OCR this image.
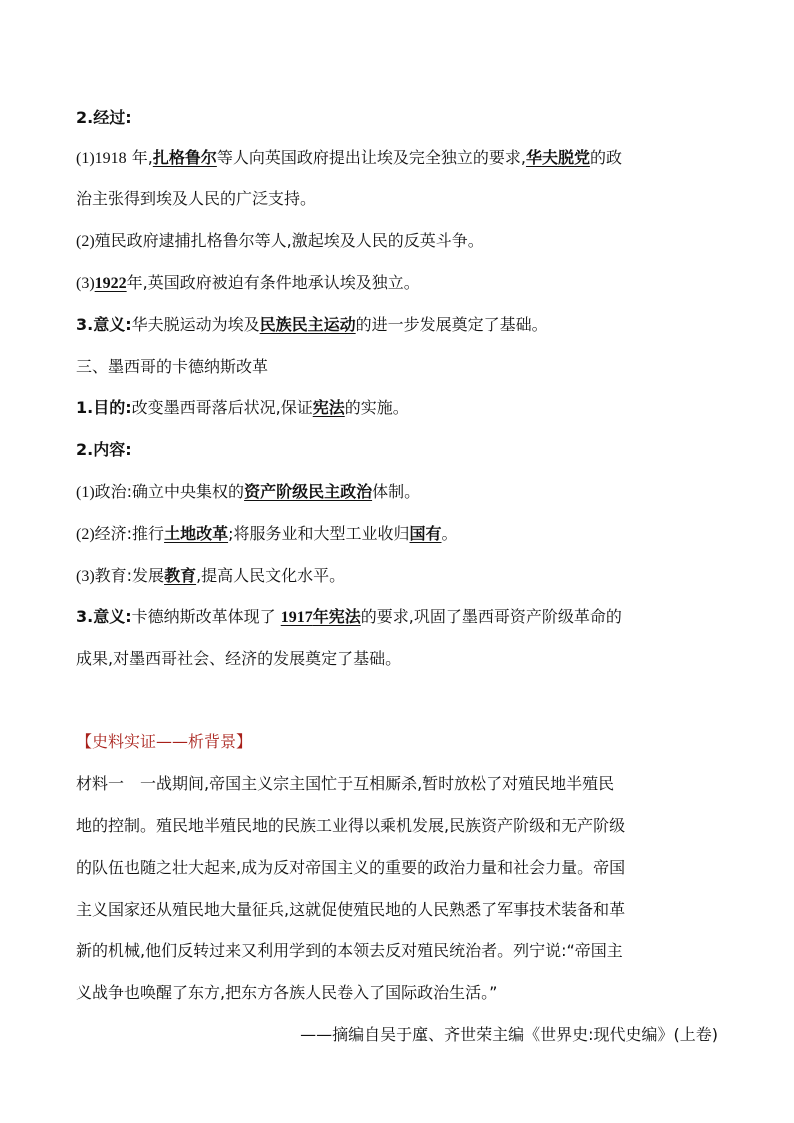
2.经过:
(1)1918 年,扎格鲁尔等人向英国政府提出让埃及完全独立的要求,华夫脱党的政
治主张得到埃及人民的广泛支持。
(2)殖民政府逮捕扎格鲁尔等人,激起埃及人民的反英斗争。
(3)1922年,英国政府被迫有条件地承认埃及独立。
3.意义:华夫脱运动为埃及民族民主运动的进一步发展奠定了基础。
三、墨西哥的卡德纳斯改革
1.目的:改变墨西哥落后状况,保证宪法的实施。
2.内容:
(1)政治:确立中央集权的资产阶级民主政治体制。
(2)经济:推行土地改革;将服务业和大型工业收归国有。
(3)教育:发展教育,提高人民文化水平。
3.意义:卡德纳斯改革体现了 1917年宪法的要求,巩固了墨西哥资产阶级革命的
成果,对墨西哥社会、经济的发展奠定了基础。
【史料实证——析背景】
材料一　一战期间,帝国主义宗主国忙于互相厮杀,暂时放松了对殖民地半殖民
地的控制。殖民地半殖民地的民族工业得以乘机发展,民族资产阶级和无产阶级
的队伍也随之壮大起来,成为反对帝国主义的重要的政治力量和社会力量。帝国
主义国家还从殖民地大量征兵,这就促使殖民地的人民熟悉了军事技术装备和革
新的机械,他们反转过来又利用学到的本领去反对殖民统治者。列宁说:“帝国主
义战争也唤醒了东方,把东方各族人民卷入了国际政治生活。”
——摘编自吴于廑、齐世荣主编《世界史:现代史编》(上卷)
